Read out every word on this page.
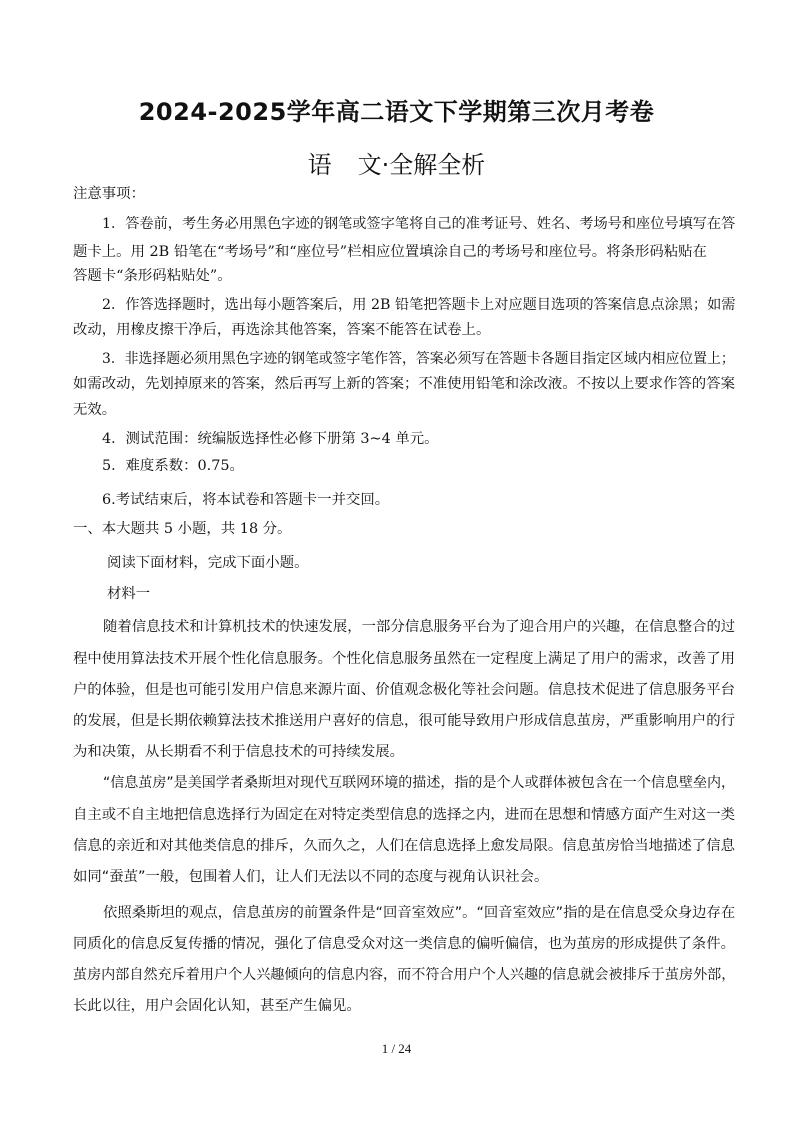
2024-2025学年高二语文下学期第三次月考卷
语 文·全解全析
注意事项：
1．答卷前，考生务必用黑色字迹的钢笔或签字笔将自己的准考证号、姓名、考场号和座位号填写在答
题卡上。用 2B 铅笔在“考场号”和“座位号”栏相应位置填涂自己的考场号和座位号。将条形码粘贴在
答题卡“条形码粘贴处”。
2．作答选择题时，选出每小题答案后，用 2B 铅笔把答题卡上对应题目选项的答案信息点涂黑；如需
改动，用橡皮擦干净后，再选涂其他答案，答案不能答在试卷上。
3．非选择题必须用黑色字迹的钢笔或签字笔作答，答案必须写在答题卡各题目指定区域内相应位置上；
如需改动，先划掉原来的答案，然后再写上新的答案；不准使用铅笔和涂改液。不按以上要求作答的答案
无效。
4．测试范围：统编版选择性必修下册第 3~4 单元。
5．难度系数：0.75。
6.考试结束后，将本试卷和答题卡一并交回。
一、本大题共 5 小题，共 18 分。
阅读下面材料，完成下面小题。
材料一
随着信息技术和计算机技术的快速发展，一部分信息服务平台为了迎合用户的兴趣，在信息整合的过
程中使用算法技术开展个性化信息服务。个性化信息服务虽然在一定程度上满足了用户的需求，改善了用
户的体验，但是也可能引发用户信息来源片面、价值观念极化等社会问题。信息技术促进了信息服务平台
的发展，但是长期依赖算法技术推送用户喜好的信息，很可能导致用户形成信息茧房，严重影响用户的行
为和决策，从长期看不利于信息技术的可持续发展。
“信息茧房”是美国学者桑斯坦对现代互联网环境的描述，指的是个人或群体被包含在一个信息壁垒内，
自主或不自主地把信息选择行为固定在对特定类型信息的选择之内，进而在思想和情感方面产生对这一类
信息的亲近和对其他类信息的排斥，久而久之，人们在信息选择上愈发局限。信息茧房恰当地描述了信息
如同“蚕茧”一般，包围着人们，让人们无法以不同的态度与视角认识社会。
依照桑斯坦的观点，信息茧房的前置条件是“回音室效应”。“回音室效应”指的是在信息受众身边存在
同质化的信息反复传播的情况，强化了信息受众对这一类信息的偏听偏信，也为茧房的形成提供了条件。
茧房内部自然充斥着用户个人兴趣倾向的信息内容，而不符合用户个人兴趣的信息就会被排斥于茧房外部，
长此以往，用户会固化认知，甚至产生偏见。
1 / 24
